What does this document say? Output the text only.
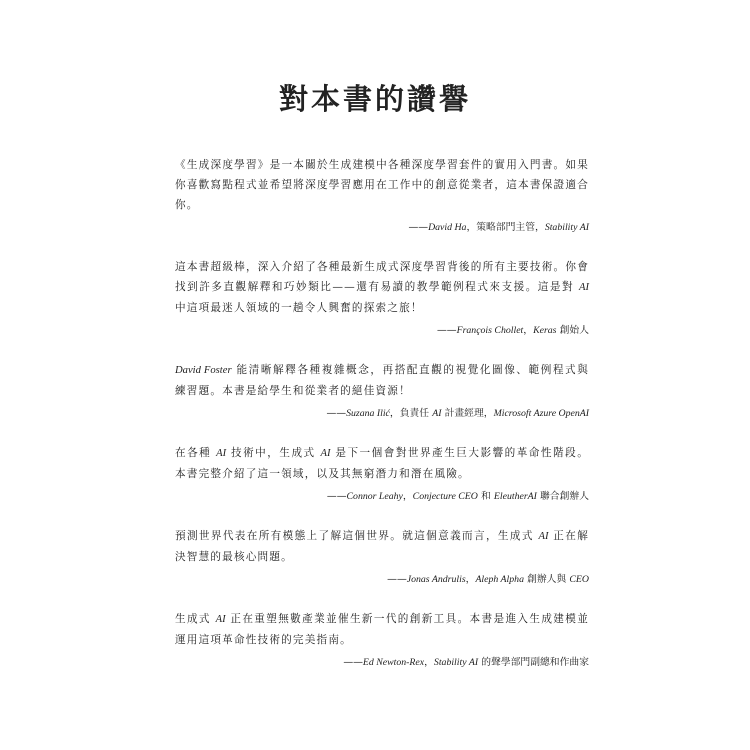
對本書的讚譽
《生成深度學習》是一本關於生成建模中各種深度學習套件的實用入門書。如果你喜歡寫點程式並希望將深度學習應用在工作中的創意從業者，這本書保證適合你。
——David Ha，策略部門主管，Stability AI
這本書超級棒，深入介紹了各種最新生成式深度學習背後的所有主要技術。你會找到許多直觀解釋和巧妙類比——還有易讀的教學範例程式來支援。這是對 AI 中這項最迷人領域的一趟令人興奮的探索之旅！
——François Chollet，Keras 創始人
David Foster 能清晰解釋各種複雜概念，再搭配直觀的視覺化圖像、範例程式與練習題。本書是給學生和從業者的絕佳資源！
——Suzana Ilić，負責任 AI 計畫經理，Microsoft Azure OpenAI
在各種 AI 技術中，生成式 AI 是下一個會對世界產生巨大影響的革命性階段。本書完整介紹了這一領域，以及其無窮潛力和潛在風險。
——Connor Leahy，Conjecture CEO 和 EleutherAI 聯合創辦人
預測世界代表在所有模態上了解這個世界。就這個意義而言，生成式 AI 正在解決智慧的最核心問題。
——Jonas Andrulis，Aleph Alpha 創辦人與 CEO
生成式 AI 正在重塑無數產業並催生新一代的創新工具。本書是進入生成建模並運用這項革命性技術的完美指南。
——Ed Newton-Rex，Stability AI 的聲學部門副總和作曲家
